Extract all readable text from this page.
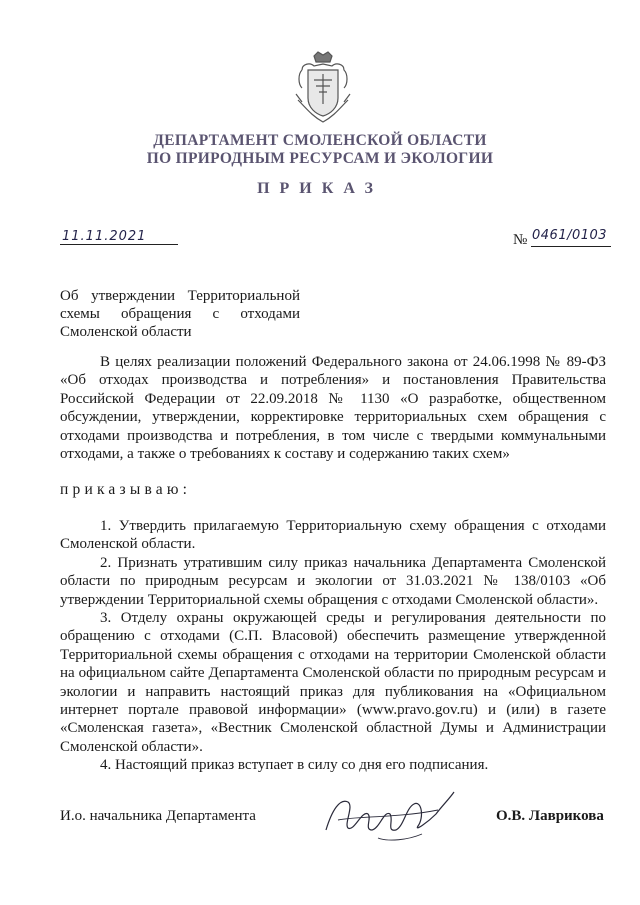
ДЕПАРТАМЕНТ СМОЛЕНСКОЙ ОБЛАСТИ
ПО ПРИРОДНЫМ РЕСУРСАМ И ЭКОЛОГИИ
ПРИКАЗ
11.11.2021	№ 0461/0103
Об утверждении Территориальной
схемы обращения с отходами
Смоленской области
В целях реализации положений Федерального закона от 24.06.1998 № 89-ФЗ «Об отходах производства и потребления» и постановления Правительства Российской Федерации от 22.09.2018 № 1130 «О разработке, общественном обсуждении, утверждении, корректировке территориальных схем обращения с отходами производства и потребления, в том числе с твердыми коммунальными отходами, а также о требованиях к составу и содержанию таких схем»
приказываю:

1. Утвердить прилагаемую Территориальную схему обращения с отходами Смоленской области.

2. Признать утратившим силу приказ начальника Департамента Смоленской области по природным ресурсам и экологии от 31.03.2021 № 138/0103 «Об утверждении Территориальной схемы обращения с отходами Смоленской области».

3. Отделу охраны окружающей среды и регулирования деятельности по обращению с отходами (С.П. Власовой) обеспечить размещение утвержденной Территориальной схемы обращения с отходами на территории Смоленской области на официальном сайте Департамента Смоленской области по природным ресурсам и экологии и направить настоящий приказ для публикования на «Официальном интернет портале правовой информации» (www.pravo.gov.ru) и (или) в газете «Смоленская газета», «Вестник Смоленской областной Думы и Администрации Смоленской области».

4. Настоящий приказ вступает в силу со дня его подписания.

И.о. начальника Департамента	О.В. Лаврикова
